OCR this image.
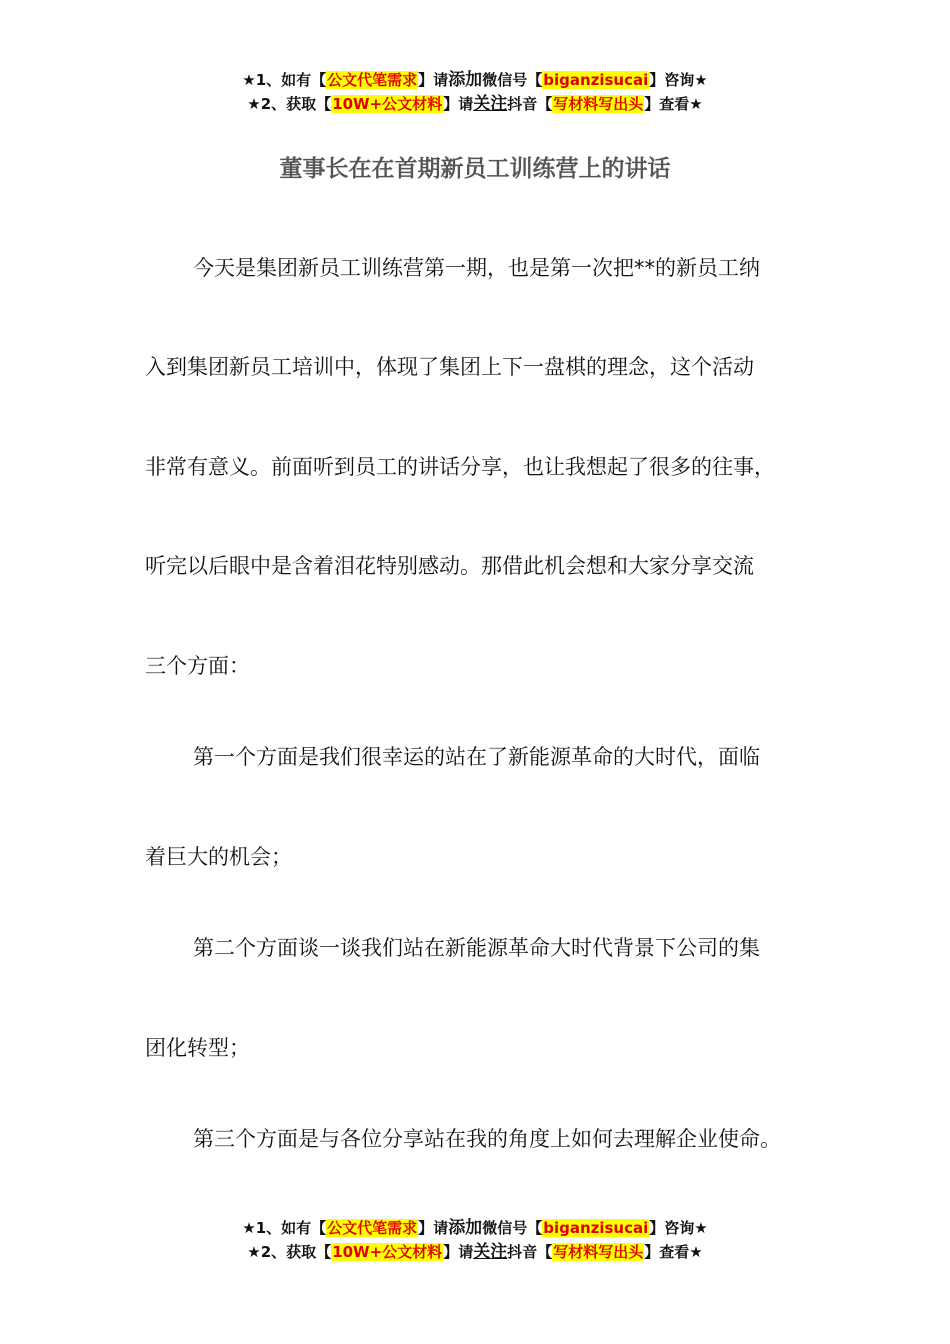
★1、如有【公文代笔需求】请添加微信号【biganzisucai】咨询★
★2、获取【10W+公文材料】请关注抖音【写材料写出头】查看★
董事长在在首期新员工训练营上的讲话
今天是集团新员工训练营第一期，也是第一次把**的新员工纳
入到集团新员工培训中，体现了集团上下一盘棋的理念，这个活动
非常有意义。前面听到员工的讲话分享，也让我想起了很多的往事，
听完以后眼中是含着泪花特别感动。那借此机会想和大家分享交流
三个方面：
第一个方面是我们很幸运的站在了新能源革命的大时代，面临
着巨大的机会；
第二个方面谈一谈我们站在新能源革命大时代背景下公司的集
团化转型；
第三个方面是与各位分享站在我的角度上如何去理解企业使命。
★1、如有【公文代笔需求】请添加微信号【biganzisucai】咨询★
★2、获取【10W+公文材料】请关注抖音【写材料写出头】查看★
